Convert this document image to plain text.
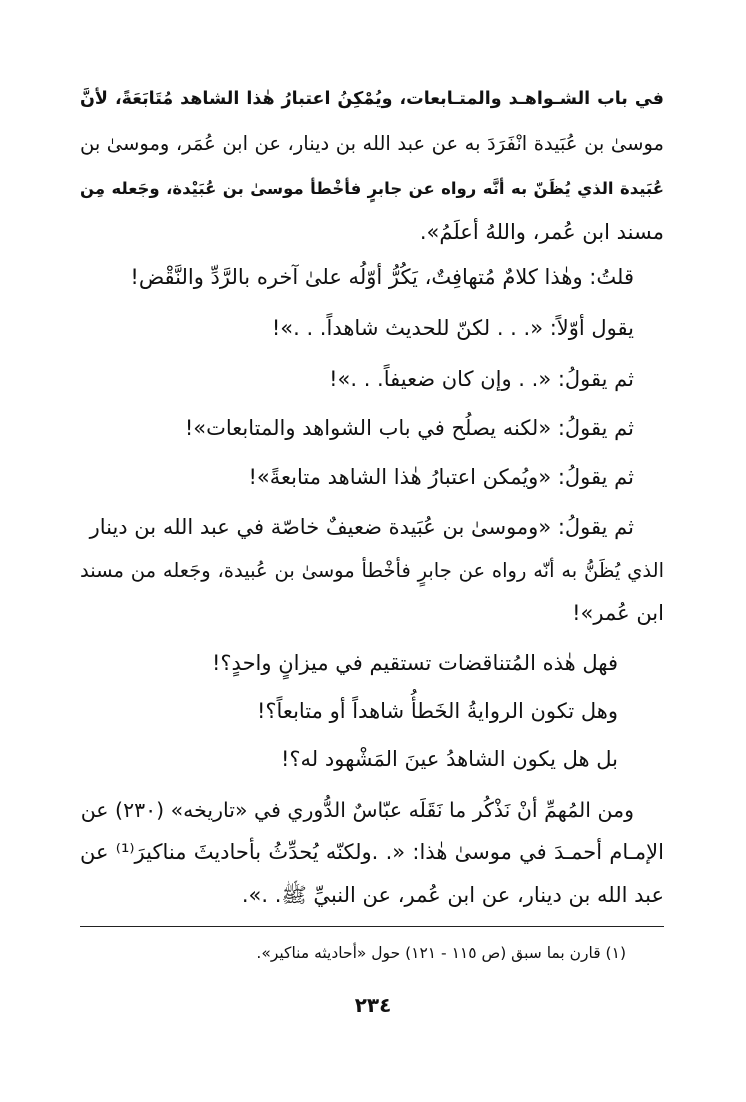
في باب الشـواهـد والمتـابعات، ويُمْكِنُ اعتبارُ هٰذا الشاهد مُتَابَعَةً، لأنَّ
موسىٰ بن عُبَيدة انْفَرَدَ به عن عبد الله بن دينار، عن ابن عُمَر، وموسىٰ بن
عُبَيدة الذي يُظَنّ به أنَّه رواه عن جابرٍ فأخْطأ موسىٰ بن عُبَيْدة، وجَعله مِن
مسند ابن عُمر، واللهُ أعلَمُ».
قلتُ: وهٰذا كلامٌ مُتهافِتٌ، يَكُرُّ أوّلُه علىٰ آخره بالرَّدِّ والنَّقْض!
يقول أوّلاً: «. . . لكنّ للحديث شاهداً. . .»!
ثم يقولُ: «. . وإن كان ضعيفاً. . .»!
ثم يقولُ: «لكنه يصلُح في باب الشواهد والمتابعات»!
ثم يقولُ: «ويُمكن اعتبارُ هٰذا الشاهد متابعةً»!
ثم يقولُ: «وموسىٰ بن عُبَيدة ضعيفٌ خاصّة في عبد الله بن دينار
الذي يُظَنُّ به أنّه رواه عن جابرٍ فأخْطأ موسىٰ بن عُبيدة، وجَعله من مسند
ابن عُمر»!
فهل هٰذه المُتناقضات تستقيم في ميزانٍ واحدٍ؟!
وهل تكون الروايةُ الخَطأُ شاهداً أو متابعاً؟!
بل هل يكون الشاهدُ عينَ المَشْهود له؟!
ومن المُهمِّ أنْ نَذْكُر ما نَقَلَه عبّاسٌ الدُّوري في «تاريخه» (٢٣٠) عن
الإمـام أحمـدَ في موسىٰ هٰذا: «. .ولكنّه يُحدِّثُ بأحاديثَ مناكيرَ⁽¹⁾ عن
عبد الله بن دينار، عن ابن عُمر، عن النبيِّ ﷺ. .».
(١) قارن بما سبق (ص ١١٥ - ١٢١) حول «أحاديثه مناكير».
٢٣٤
